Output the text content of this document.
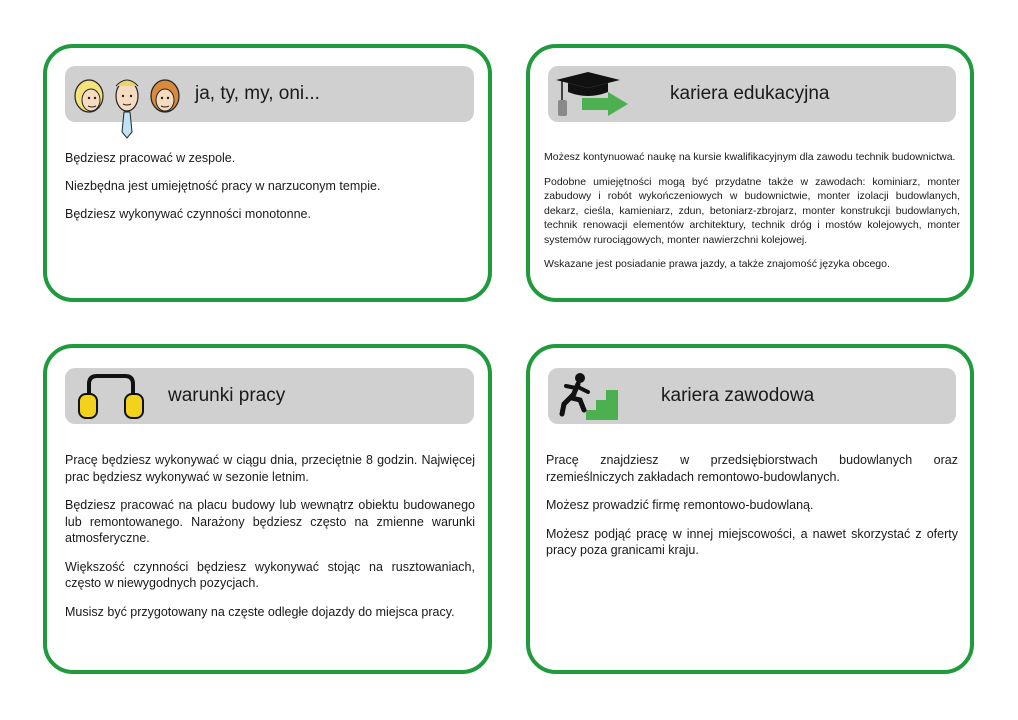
ja, ty, my, oni...

Będziesz pracować w zespole.

Niezbędna jest umiejętność pracy w narzuconym tempie.

Będziesz wykonywać czynności monotonne.

kariera edukacyjna

Możesz kontynuować naukę na kursie kwalifikacyjnym dla zawodu technik budownictwa.

Podobne umiejętności mogą być przydatne także w zawodach: kominiarz, monter zabudowy i robót wykończeniowych w budownictwie, monter izolacji budowlanych, dekarz, cieśla, kamieniarz, zdun, betoniarz-zbrojarz, monter konstrukcji budowlanych, technik renowacji elementów architektury, technik dróg i mostów kolejowych, monter systemów rurociągowych, monter nawierzchni kolejowej.

Wskazane jest posiadanie prawa jazdy, a także znajomość języka obcego.

warunki pracy

Pracę będziesz wykonywać w ciągu dnia, przeciętnie 8 godzin. Najwięcej prac będziesz wykonywać w sezonie letnim.

Będziesz pracować na placu budowy lub wewnątrz obiektu budowanego lub remontowanego. Narażony będziesz często na zmienne warunki atmosferyczne.

Większość czynności będziesz wykonywać stojąc na rusztowaniach, często w niewygodnych pozycjach.

Musisz być przygotowany na częste odległe dojazdy do miejsca pracy.

kariera zawodowa

Pracę znajdziesz w przedsiębiorstwach budowlanych oraz rzemieślniczych zakładach remontowo-budowlanych.

Możesz prowadzić firmę remontowo-budowlaną.

Możesz podjąć pracę w innej miejscowości, a nawet skorzystać z oferty pracy poza granicami kraju.
